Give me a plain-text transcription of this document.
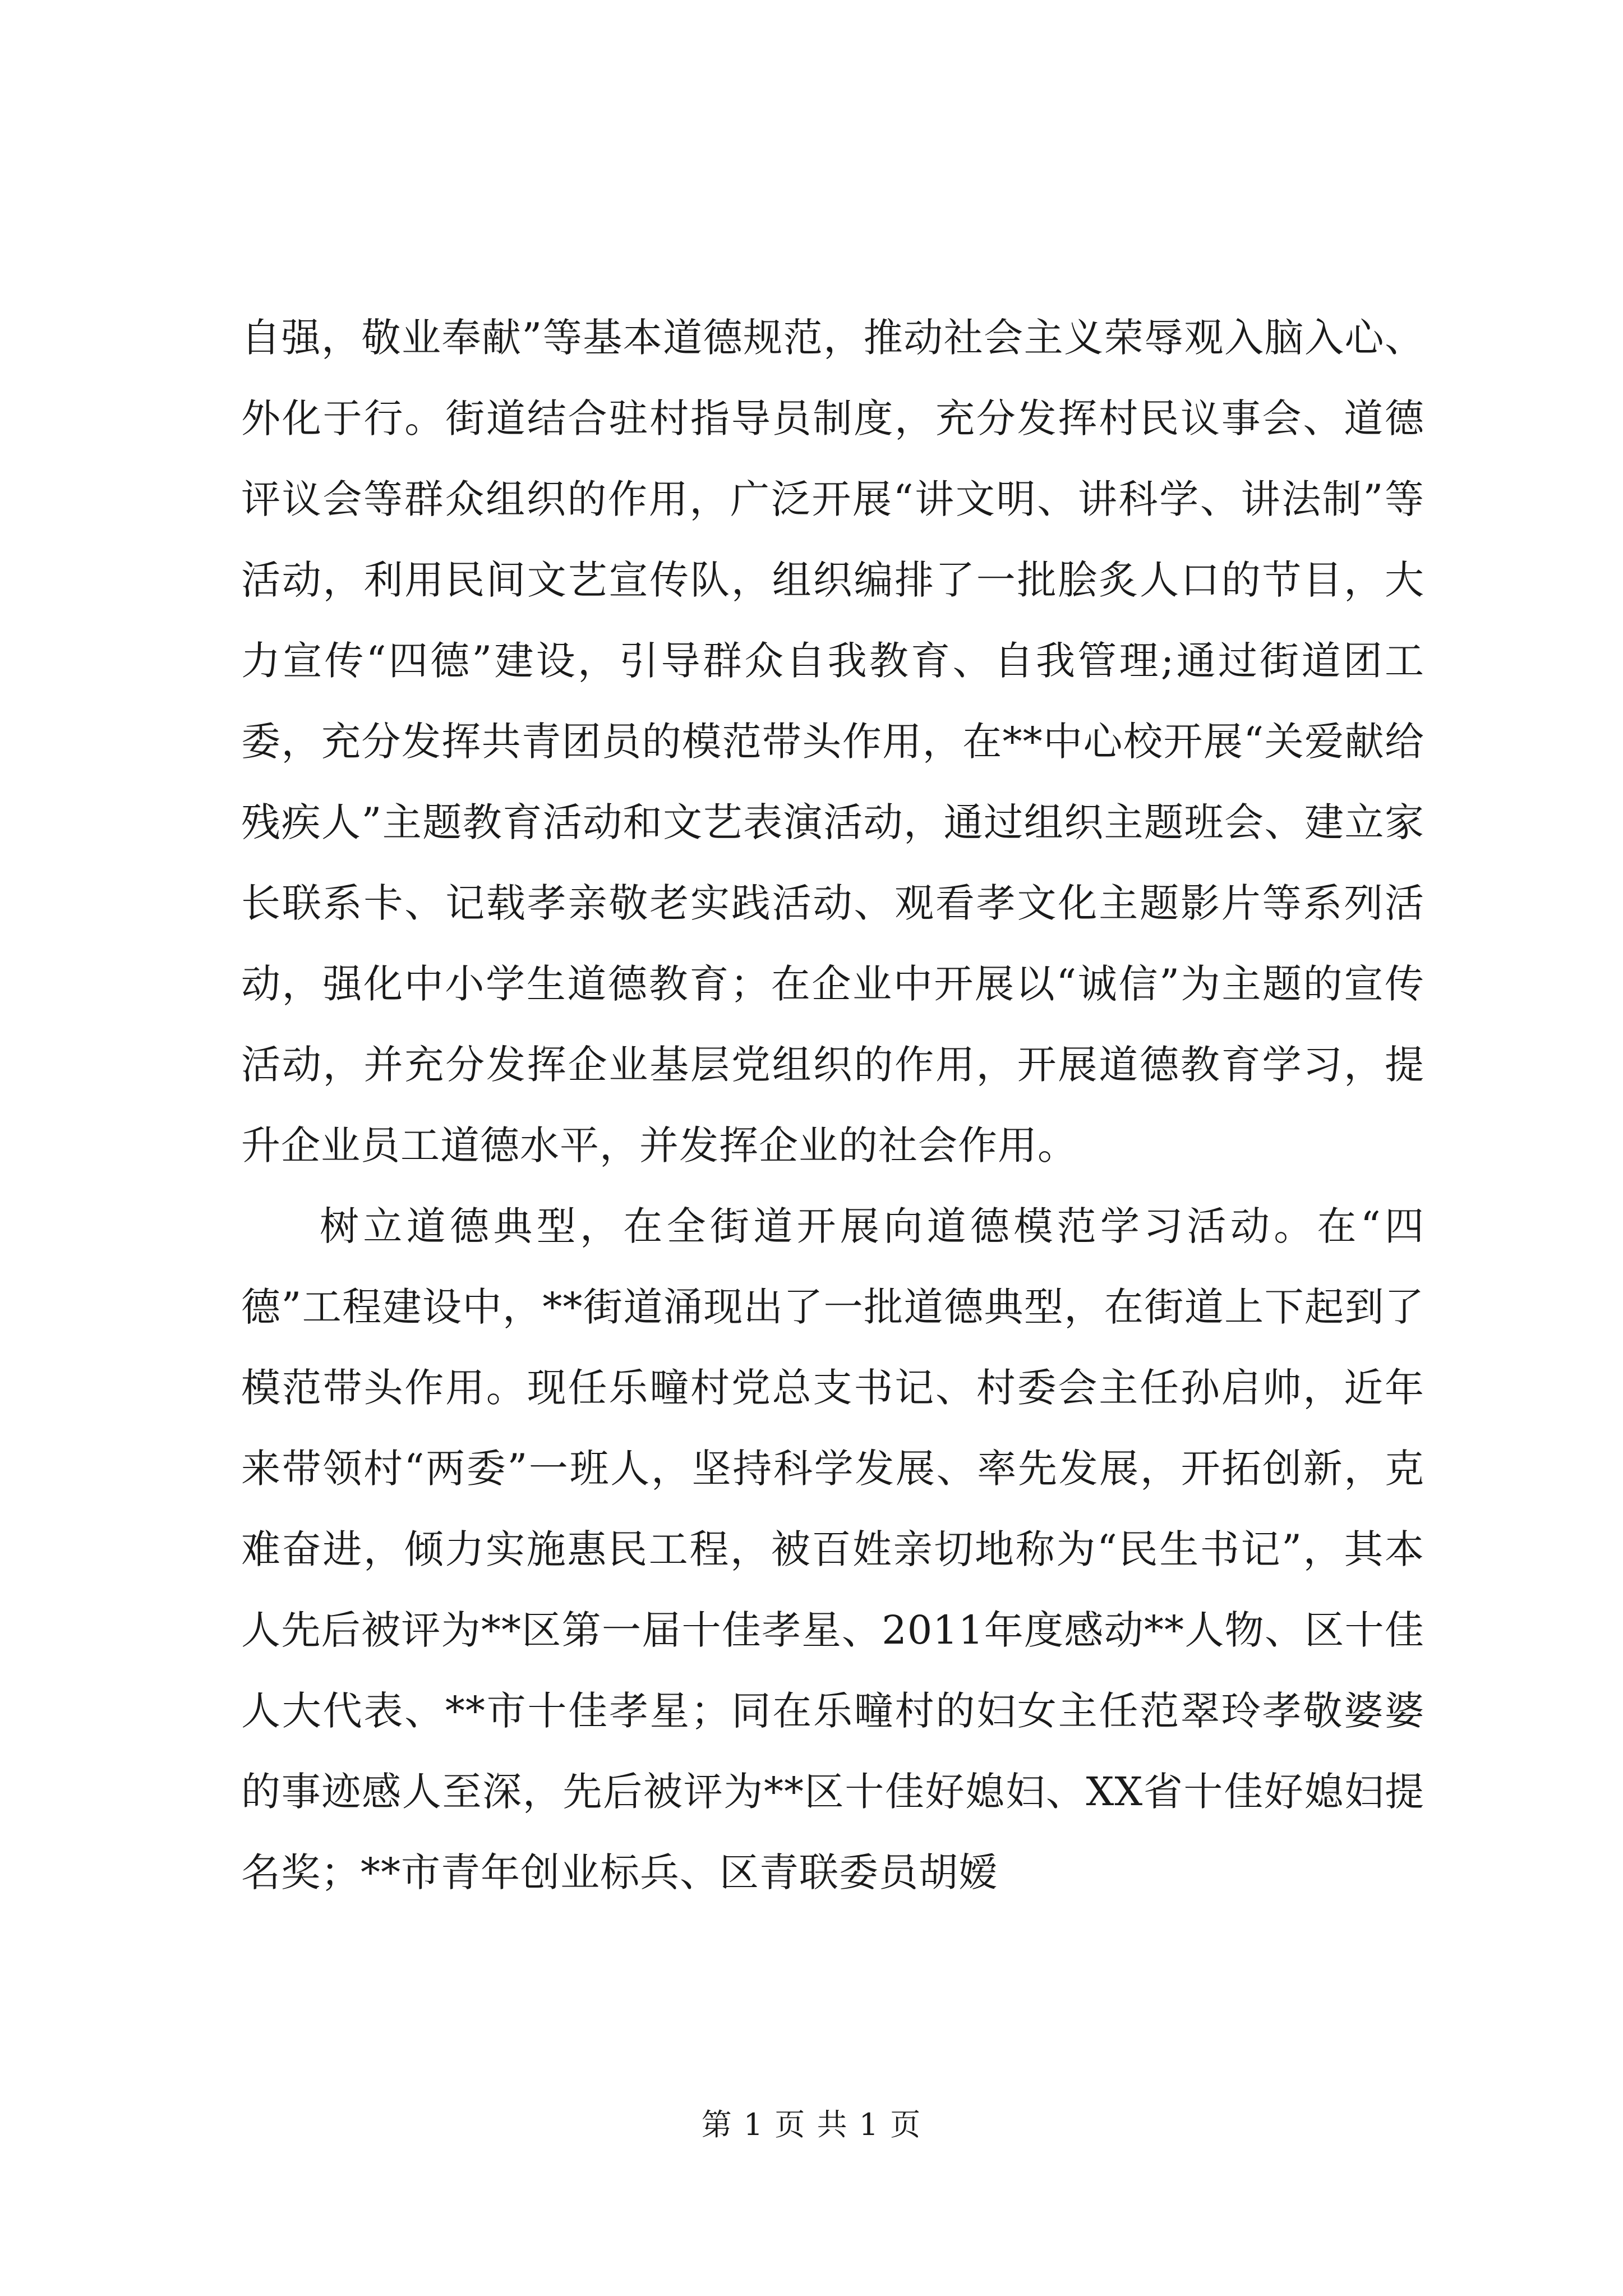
自强，敬业奉献”等基本道德规范，推动社会主义荣辱观入脑入心、外化于行。街道结合驻村指导员制度，充分发挥村民议事会、道德评议会等群众组织的作用，广泛开展“讲文明、讲科学、讲法制”等活动，利用民间文艺宣传队，组织编排了一批脍炙人口的节目，大力宣传“四德”建设，引导群众自我教育、自我管理;通过街道团工委，充分发挥共青团员的模范带头作用，在**中心校开展“关爱献给残疾人”主题教育活动和文艺表演活动，通过组织主题班会、建立家长联系卡、记载孝亲敬老实践活动、观看孝文化主题影片等系列活动，强化中小学生道德教育；在企业中开展以“诚信”为主题的宣传活动，并充分发挥企业基层党组织的作用，开展道德教育学习，提升企业员工道德水平，并发挥企业的社会作用。

树立道德典型，在全街道开展向道德模范学习活动。在“四德”工程建设中，**街道涌现出了一批道德典型，在街道上下起到了模范带头作用。现任乐疃村党总支书记、村委会主任孙启帅，近年来带领村“两委”一班人，坚持科学发展、率先发展，开拓创新，克难奋进，倾力实施惠民工程，被百姓亲切地称为“民生书记”，其本人先后被评为**区第一届十佳孝星、2011年度感动**人物、区十佳人大代表、**市十佳孝星；同在乐疃村的妇女主任范翠玲孝敬婆婆的事迹感人至深，先后被评为**区十佳好媳妇、XX省十佳好媳妇提名奖；**市青年创业标兵、区青联委员胡嫒

第 1 页 共 1 页
